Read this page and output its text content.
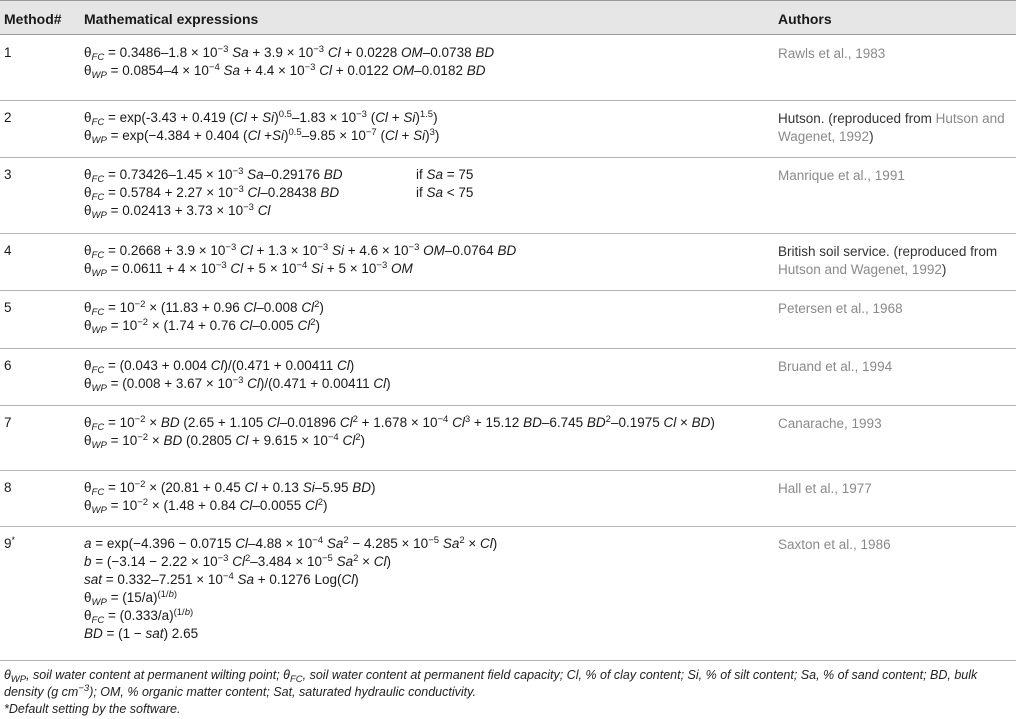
Method# Mathematical expressions	Authors
1	$\theta_{FC} = 0.3486-1.8 \times 10^{-3}$ $Sa + 3.9 \times 10^{-3}$ Cl + 0.0228 OM–0.0738 BD
$\theta_{WP} = 0.0854-4 \times 10^{-4}$ $Sa + 4.4 \times 10^{-3}$ Cl + 0.0122 OM–0.0182 BD
Rawls et al., 1983
2	$\theta_{FC} = \exp(-3.43 + 0.419$ $(Cl + Si)^{0.5}-1.83 \times 10^{-3}$ $(Cl + Si)^{1.5}$)
$\theta_{WP} = \exp(-4.384 + 0.404$ $(Cl +Si)^{0.5}-9.85 \times 10^{-7}$ $(Cl + Si)^3$)
Hutson. (reproduced from Hutson and Wagenet, 1992)
3	$\theta_{FC} = 0.73426-1.45 \times 10^{-3}$ Sa–0.29176 BD	if Sa = 75
$\theta_{FC} = 0.5784 + 2.27 \times 10^{-3}$ Cl–0.28438 BD	if Sa < 75
$\theta_{WP} = 0.02413 + 3.73 \times 10^{-3}$ Cl
Manrique et al., 1991
4	$\theta_{FC} = 0.2668 + 3.9 \times 10^{-3}$ $Cl + 1.3 \times 10^{-3}$ $Si + 4.6 \times 10^{-3}$ OM–0.0764 BD
$\theta_{WP} = 0.0611 + 4 \times 10^{-3}$ $Cl + 5 \times 10^{-4}$ $Si + 5 \times 10^{-3}$ OM
British soil service. (reproduced from Hutson and Wagenet, 1992)
5	$\theta_{FC} = 10^{-2} \times (11.83 + 0.96$ Cl–0.008 Cl$^2$)
$\theta_{WP} = 10^{-2} \times (1.74 + 0.76$ Cl–0.005 Cl$^2$)
Petersen et al., 1968
6	$\theta_{FC} = (0.043 + 0.004$ Cl)/(0.471 + 0.00411 Cl)
$\theta_{WP} = (0.008 + 3.67 \times 10^{-3}$ Cl)/(0.471 + 0.00411 Cl)
Bruand et al., 1994
7	$\theta_{FC} = 10^{-2}$ × BD (2.65 + 1.105 Cl–0.01896 $Cl^2 + 1.678 \times 10^{-4}$ $Cl^3 + 15.12$ BD–6.745 $BD^2-0.1975$ Cl × BD)
$\theta_{WP} = 10^{-2}$ × BD (0.2805 $Cl + 9.615 \times 10^{-4}$ Cl$^2$)
Canarache, 1993
8	$\theta_{FC} = 10^{-2} \times (20.81 + 0.45$ Cl + 0.13 Si–5.95 BD)
$\theta_{WP} = 10^{-2} \times (1.48 + 0.84$ Cl–0.0055 Cl$^2$)
Hall et al., 1977
9*	a = exp(−4.396 − 0.0715 $Cl-4.88 \times 10^{-4}$ $Sa^2 - 4.285 \times 10^{-5}$ $Sa^2 \times Cl$)
$b = (-3.14 - 2.22 \times 10^{-3}$ $Cl^2-3.484 \times 10^{-5}$ $Sa^2 \times Cl$)
sat = $0.332-7.251 \times 10^{-4}$ Sa + 0.1276 Log(Cl)
$\theta_{WP} = (15/a)^{(1/b)}$
$\theta_{FC} = (0.333/a)^{(1/b)}$
BD = (1 − sat) 2.65
Saxton et al., 1986
$\theta_{WP}$, soil water content at permanent wilting point; $\theta_{FC}$, soil water content at permanent field capacity; Cl, % of clay content; Si, % of silt content; Sa, % of sand content; BD, bulk density (g $cm^{-3}$); OM, % organic matter content; Sat, saturated hydraulic conductivity.
*Default setting by the software.
